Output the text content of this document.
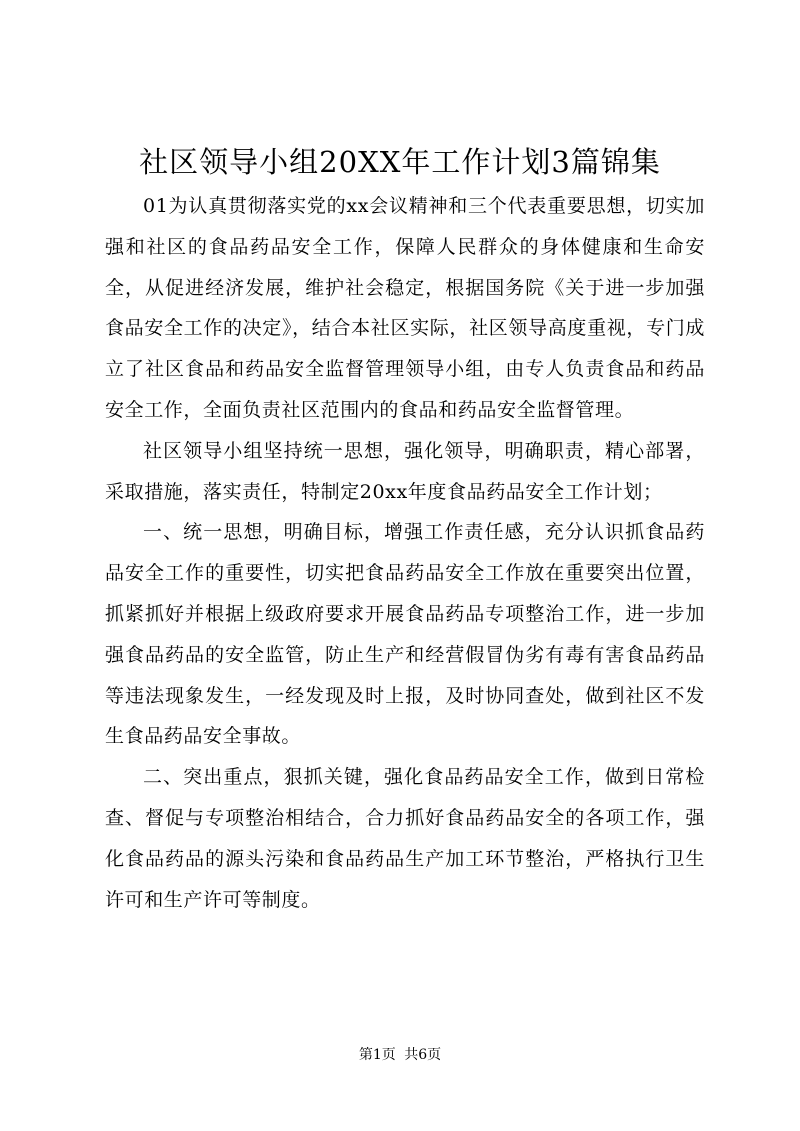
社区领导小组20XX年工作计划3篇锦集

01为认真贯彻落实党的xx会议精神和三个代表重要思想，切实加强和社区的食品药品安全工作，保障人民群众的身体健康和生命安全，从促进经济发展，维护社会稳定，根据国务院《关于进一步加强食品安全工作的决定》，结合本社区实际，社区领导高度重视，专门成立了社区食品和药品安全监督管理领导小组，由专人负责食品和药品安全工作，全面负责社区范围内的食品和药品安全监督管理。

社区领导小组坚持统一思想，强化领导，明确职责，精心部署，采取措施，落实责任，特制定20xx年度食品药品安全工作计划；

一、统一思想，明确目标，增强工作责任感，充分认识抓食品药品安全工作的重要性，切实把食品药品安全工作放在重要突出位置，抓紧抓好并根据上级政府要求开展食品药品专项整治工作，进一步加强食品药品的安全监管，防止生产和经营假冒伪劣有毒有害食品药品等违法现象发生，一经发现及时上报，及时协同查处，做到社区不发生食品药品安全事故。

二、突出重点，狠抓关键，强化食品药品安全工作，做到日常检查、督促与专项整治相结合，合力抓好食品药品安全的各项工作，强化食品药品的源头污染和食品药品生产加工环节整治，严格执行卫生许可和生产许可等制度。

第1页 共6页
